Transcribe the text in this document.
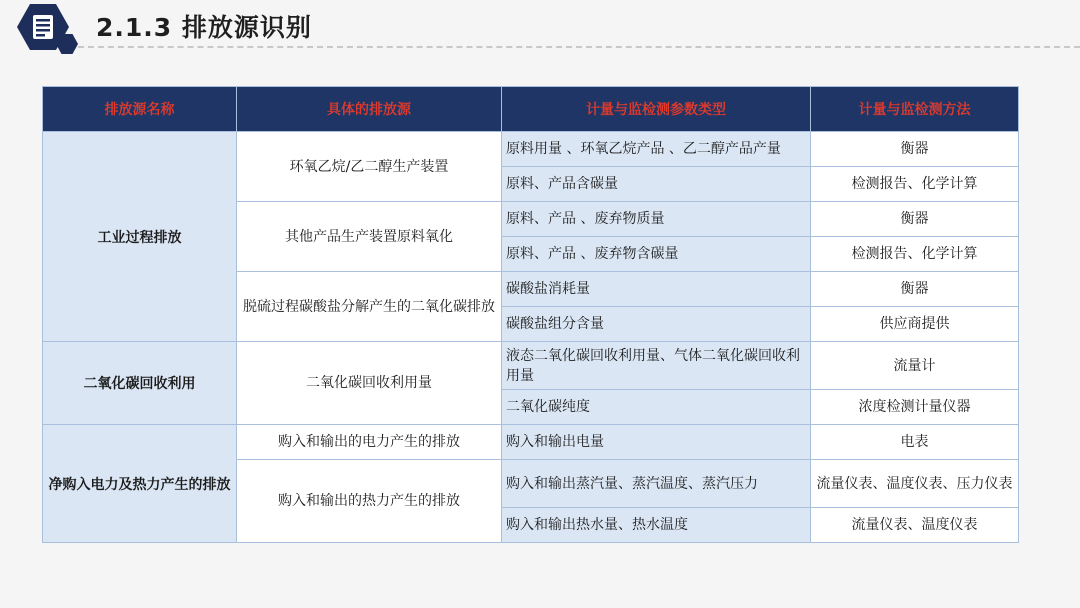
2.1.3 排放源识别
排放源名称	具体的排放源	计量与监检测参数类型	计量与监检测方法
工业过程排放	环氧乙烷/乙二醇生产装置	原料用量 、环氧乙烷产品 、乙二醇产品产量	衡器
		原料、产品含碳量	检测报告、化学计算
	其他产品生产装置原料氧化	原料、产品 、废弃物质量	衡器
		原料、产品 、废弃物含碳量	检测报告、化学计算
	脱硫过程碳酸盐分解产生的二氧化碳排放	碳酸盐消耗量	衡器
		碳酸盐组分含量	供应商提供
二氧化碳回收利用	二氧化碳回收利用量	液态二氧化碳回收利用量、气体二氧化碳回收利用量	流量计
		二氧化碳纯度	浓度检测计量仪器
净购入电力及热力产生的排放	购入和输出的电力产生的排放	购入和输出电量	电表
	购入和输出的热力产生的排放	购入和输出蒸汽量、蒸汽温度、蒸汽压力	流量仪表、温度仪表、压力仪表
		购入和输出热水量、热水温度	流量仪表、温度仪表
